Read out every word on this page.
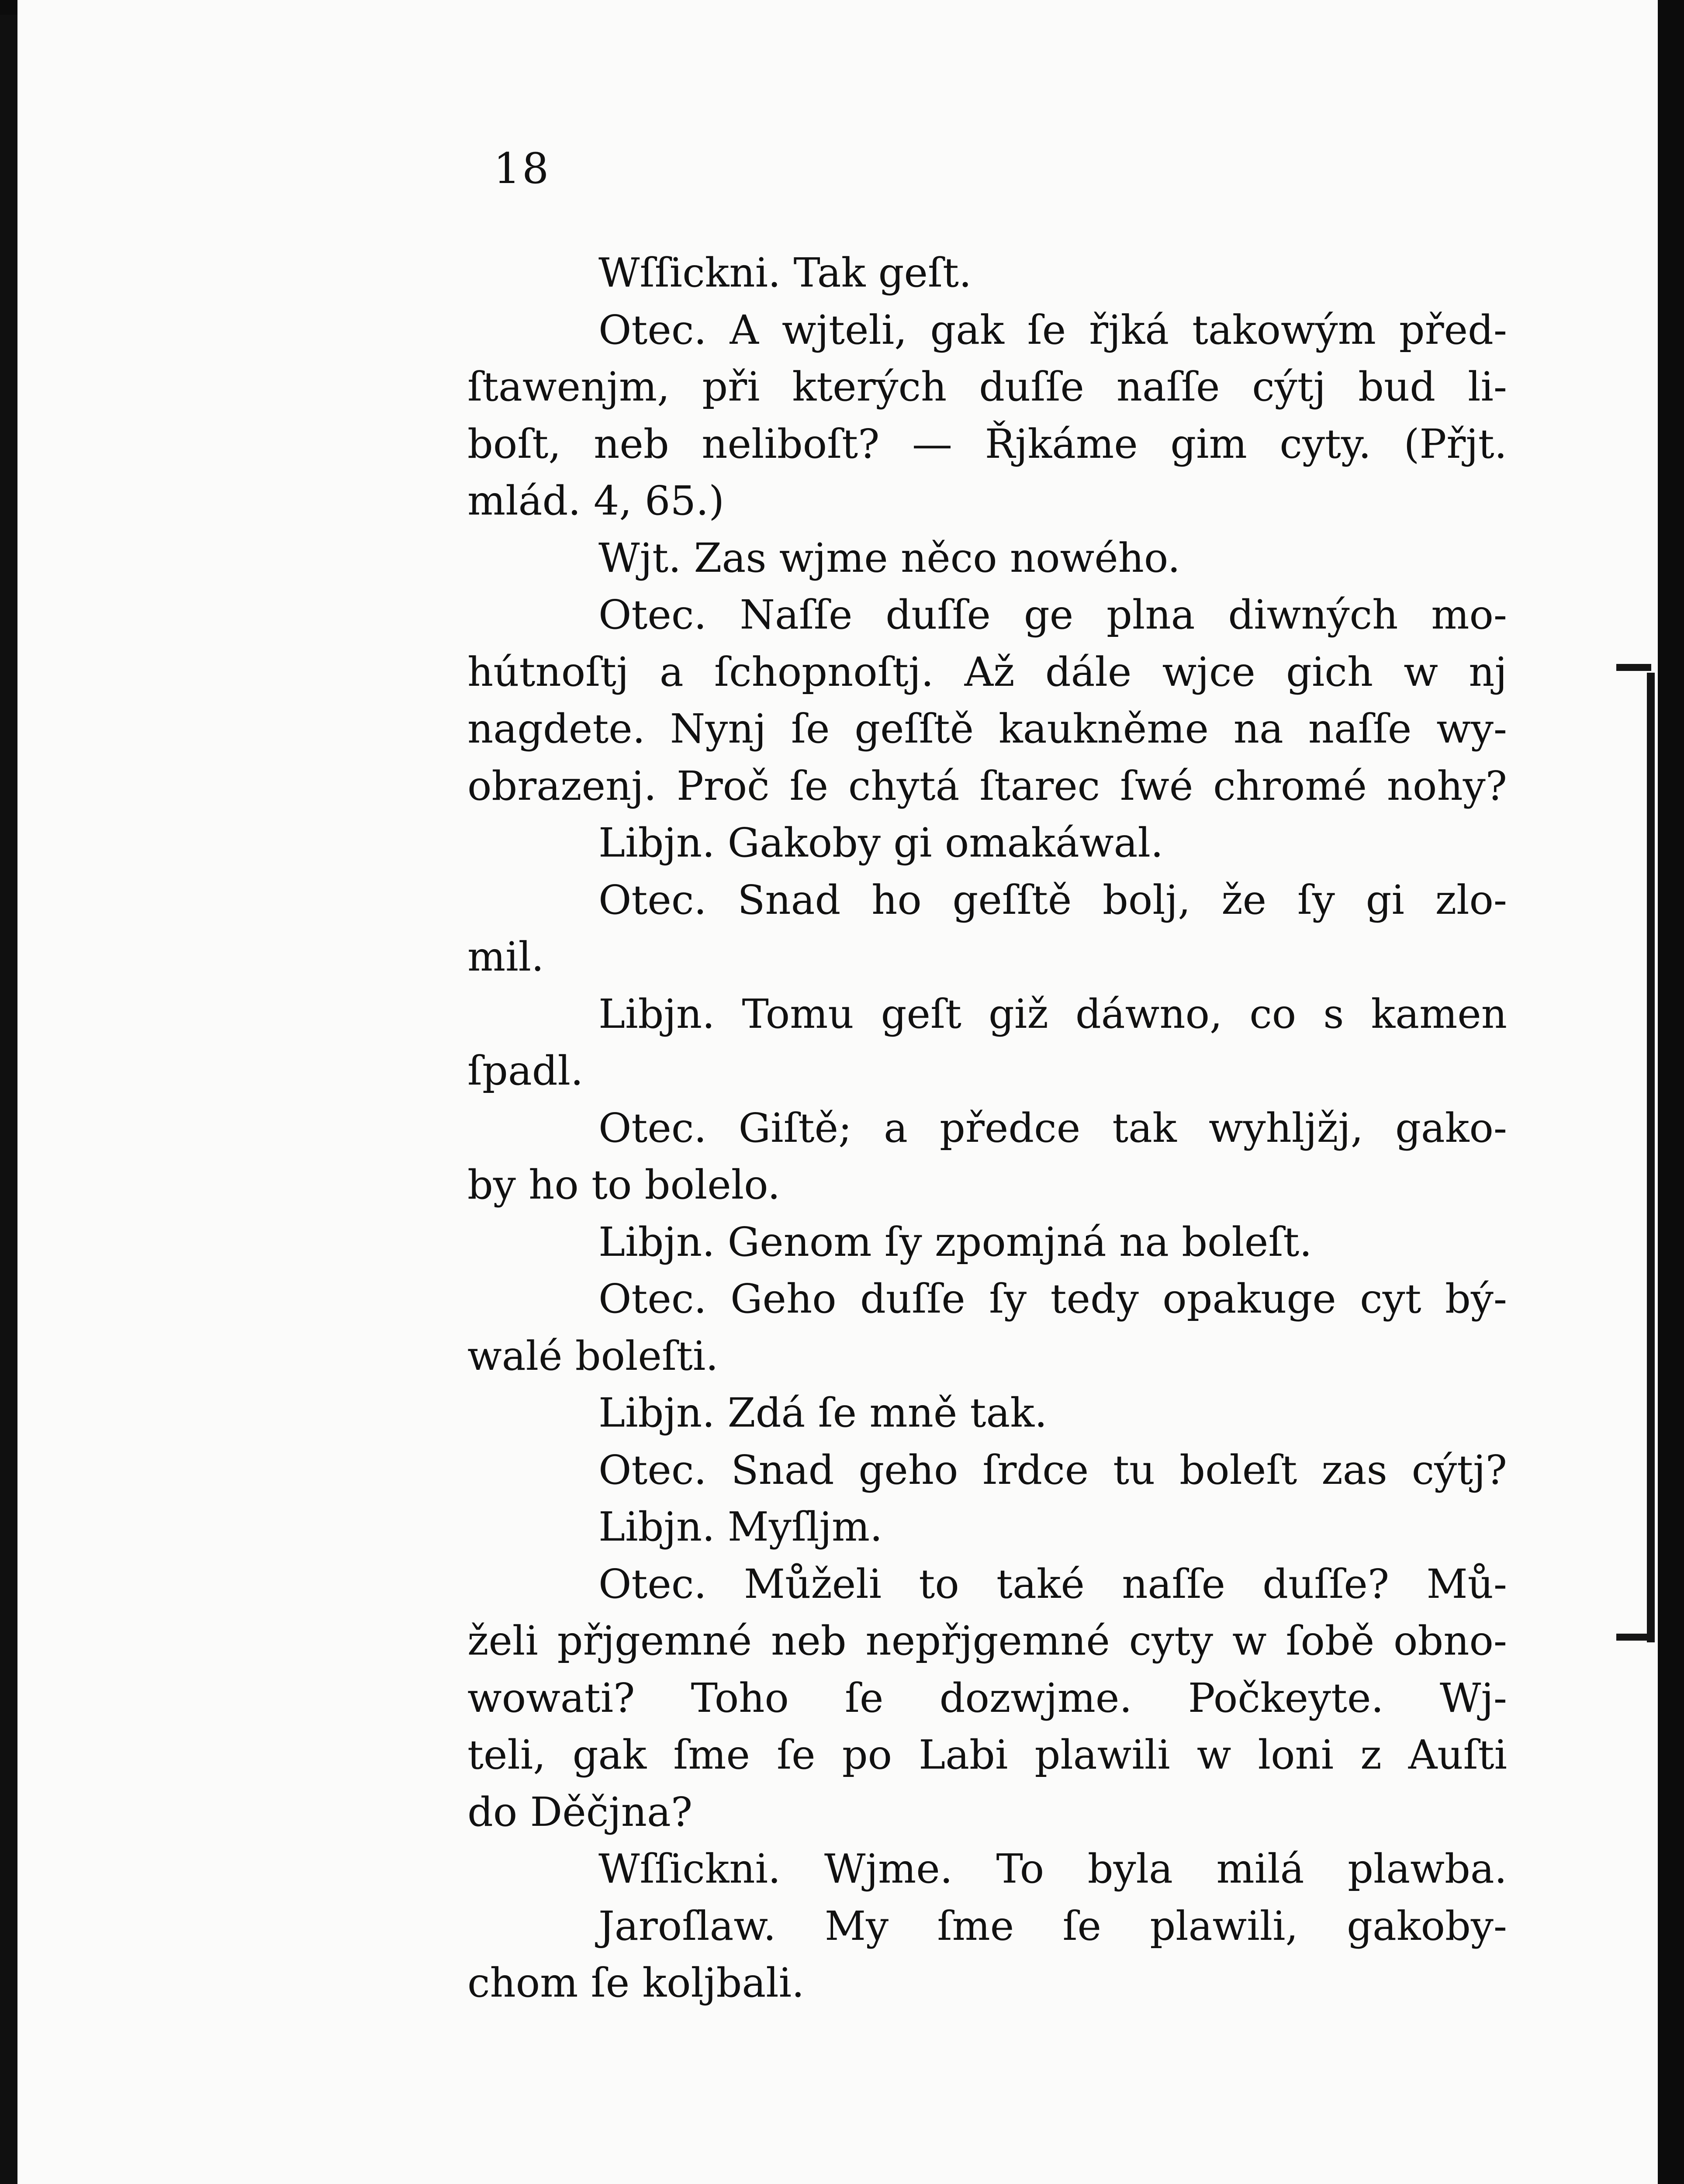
18
Wſſickni. Tak geſt.
Otec. A wjteli, gak ſe řjká takowým před-
ſtawenjm, při kterých duſſe naſſe cýtj bud li-
boſt, neb neliboſt? — Řjkáme gim cyty. (Přjt.
mlád. 4, 65.)
Wjt. Zas wjme něco nowého.
Otec. Naſſe duſſe ge plna diwných mo-
hútnoſtj a ſchopnoſtj. Až dále wjce gich w nj
nagdete. Nynj ſe geſſtě kaukněme na naſſe wy-
obrazenj. Proč ſe chytá ſtarec ſwé chromé nohy?
Libjn. Gakoby gi omakáwal.
Otec. Snad ho geſſtě bolj, že ſy gi zlo-
mil.
Libjn. Tomu geſt giž dáwno, co s kamen
ſpadl.
Otec. Giſtě; a předce tak wyhljžj, gako-
by ho to bolelo.
Libjn. Genom ſy zpomjná na boleſt.
Otec. Geho duſſe ſy tedy opakuge cyt bý-
walé boleſti.
Libjn. Zdá ſe mně tak.
Otec. Snad geho ſrdce tu boleſt zas cýtj?
Libjn. Myſljm.
Otec. Můželi to také naſſe duſſe? Mů-
želi přjgemné neb nepřjgemné cyty w ſobě obno-
wowati? Toho ſe dozwjme. Počkeyte. Wj-
teli, gak ſme ſe po Labi plawili w loni z Auſti
do Děčjna?
Wſſickni. Wjme. To byla milá plawba.
Jaroſlaw. My ſme ſe plawili, gakoby-
chom ſe koljbali.
